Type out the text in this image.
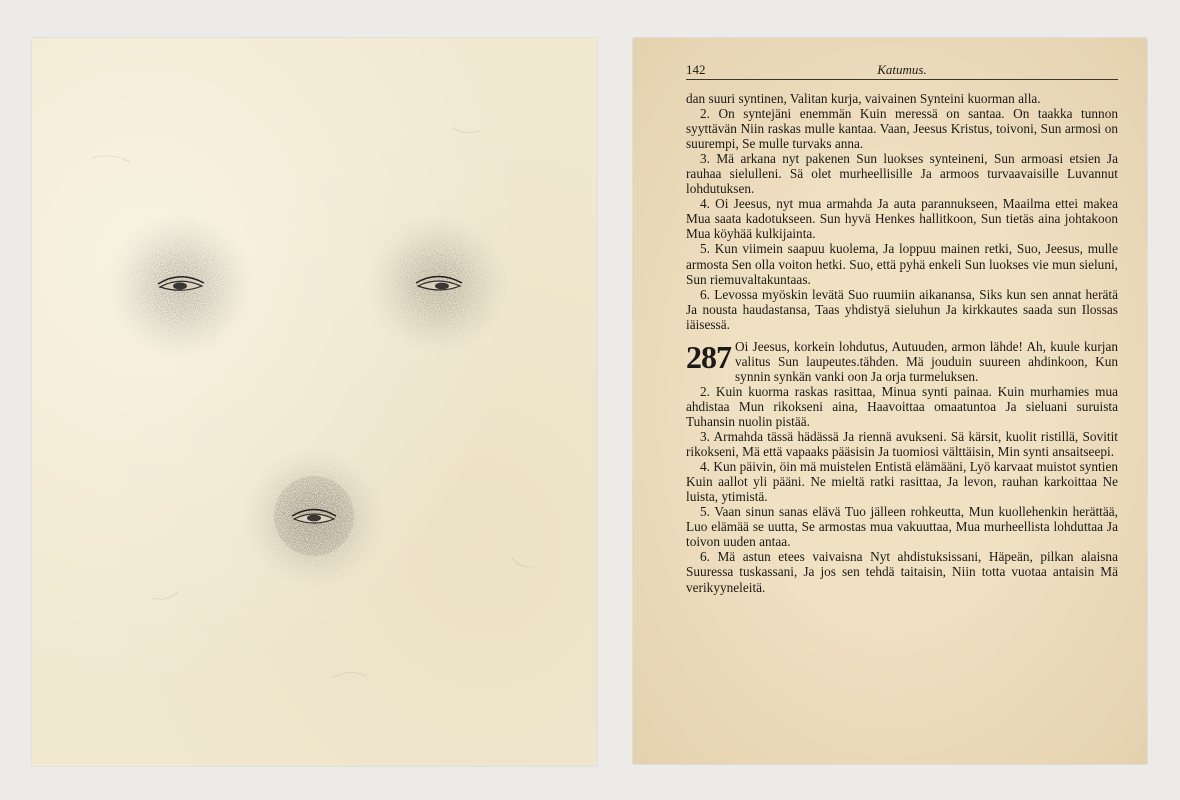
142	Katumus.

dan suuri syntinen, Valitan kurja, vaivainen Synteini kuorman alla.

2. On syntejäni enemmän Kuin meressä on santaa. On taakka tunnon syyttävän Niin raskas mulle kantaa. Vaan, Jeesus Kristus, toivoni, Sun armosi on suurempi, Se mulle turvaks anna.

3. Mä arkana nyt pakenen Sun luokses synteineni, Sun armoasi etsien Ja rauhaa sielulleni. Sä olet murheellisille Ja armoos turvaavaisille Luvannut lohdutuksen.

4. Oi Jeesus, nyt mua armahda Ja auta parannukseen, Maailma ettei makea Mua saata kadotukseen. Sun hyvä Henkes hallitkoon, Sun tietäs aina johtakoon Mua köyhää kulkijainta.

5. Kun viimein saapuu kuolema, Ja loppuu mainen retki, Suo, Jeesus, mulle armosta Sen olla voiton hetki. Suo, että pyhä enkeli Sun luokses vie mun sieluni, Sun riemuvaltakuntaas.

6. Levossa myöskin levätä Suo ruumiin aikanansa, Siks kun sen annat herätä Ja nousta haudastansa, Taas yhdistyä sieluhun Ja kirkkautes saada sun Ilossas iäisessä.

287 Oi Jeesus, korkein lohdutus, Autuuden, armon lähde! Ah, kuule kurjan valitus Sun laupeutes.tähden. Mä jouduin suureen ahdinkoon, Kun synnin synkän vanki oon Ja orja turmeluksen.

2. Kuin kuorma raskas rasittaa, Minua synti painaa. Kuin murhamies mua ahdistaa Mun rikokseni aina, Haavoittaa omaatuntoa Ja sieluani suruista Tuhansin nuolin pistää.

3. Armahda tässä hädässä Ja riennä avukseni. Sä kärsit, kuolit ristillä, Sovitit rikokseni, Mä että vapaaks pääsisin Ja tuomiosi välttäisin, Min synti ansaitseepi.

4. Kun päivin, öin mä muistelen Entistä elämääni, Lyö karvaat muistot syntien Kuin aallot yli pääni. Ne mieltä ratki rasittaa, Ja levon, rauhan karkoittaa Ne luista, ytimistä.

5. Vaan sinun sanas elävä Tuo jälleen rohkeutta, Mun kuollehenkin herättää, Luo elämää se uutta, Se armostas mua vakuuttaa, Mua murheellista lohduttaa Ja toivon uuden antaa.

6. Mä astun etees vaivaisna Nyt ahdistuksissani, Häpeän, pilkan alaisna Suuressa tuskassani, Ja jos sen tehdä taitaisin, Niin totta vuotaa antaisin Mä verikyyneleitä.
